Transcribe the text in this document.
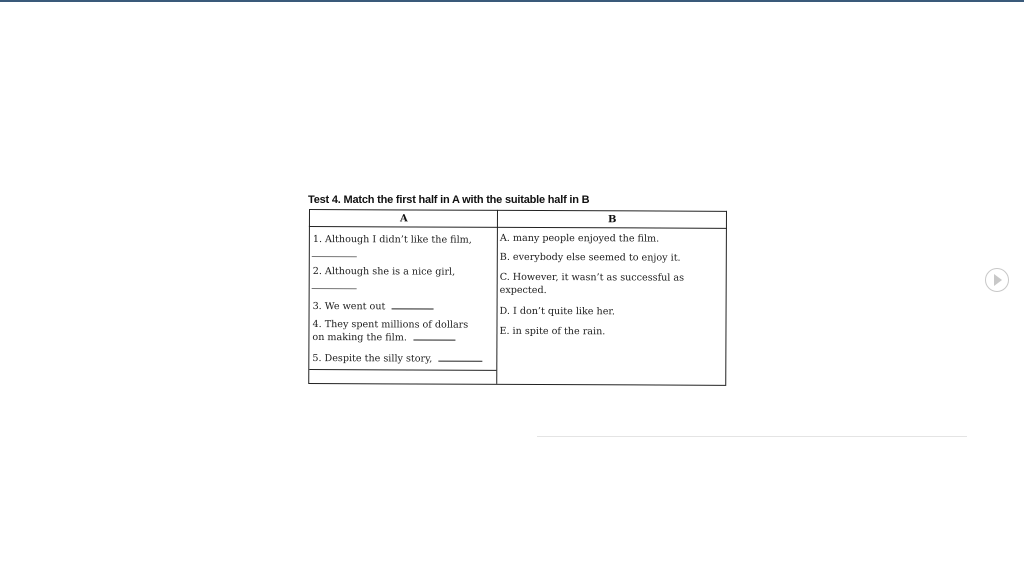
Test 4. Match the first half in A with the suitable half in B
A	B
1. Although I didn’t like the film,
2. Although she is a nice girl,
3. We went out
4. They spent millions of dollars
on making the film.
5. Despite the silly story,
A. many people enjoyed the film.
B. everybody else seemed to enjoy it.
C. However, it wasn’t as successful as
expected.
D. I don’t quite like her.
E. in spite of the rain.
